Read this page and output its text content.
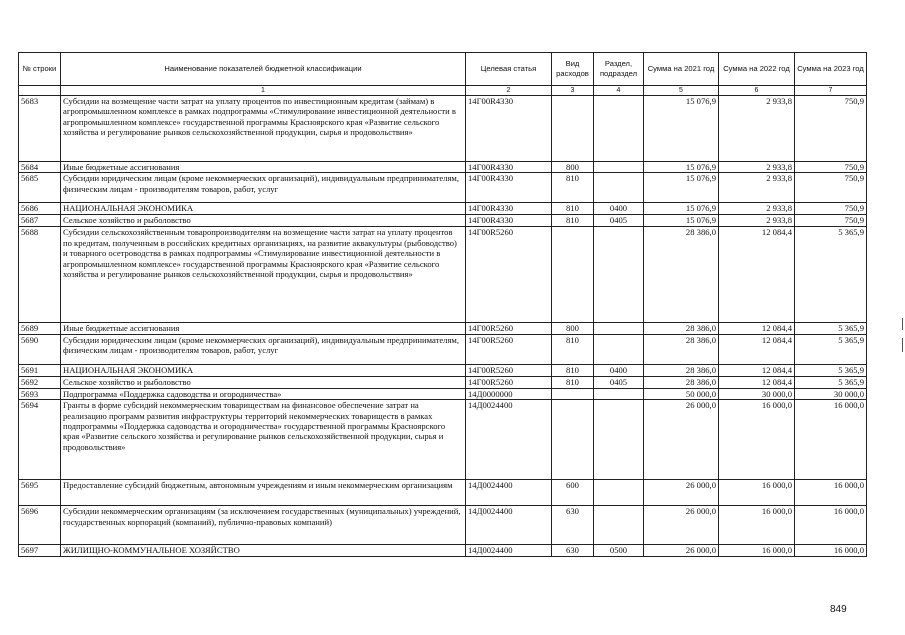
№ строки	Наименование показателей бюджетной классификации	Целевая статья	Вид расходов	Раздел, подраздел	Сумма на 2021 год	Сумма на 2022 год	Сумма на 2023 год
	1	2	3	4	5	6	7
5683	Субсидии на возмещение части затрат на уплату процентов по инвестиционным кредитам (займам) в агропромышленном комплексе в рамках подпрограммы «Стимулирование инвестиционной деятельности в агропромышленном комплексе» государственной программы Красноярского края «Развитие сельского хозяйства и регулирование рынков сельскохозяйственной продукции, сырья и продовольствия»	14Г00R4330			15 076,9	2 933,8	750,9
5684	Иные бюджетные ассигнования	14Г00R4330	800		15 076,9	2 933,8	750,9
5685	Субсидии юридическим лицам (кроме некоммерческих организаций), индивидуальным предпринимателям, физическим лицам - производителям товаров, работ, услуг	14Г00R4330	810		15 076,9	2 933,8	750,9
5686	НАЦИОНАЛЬНАЯ ЭКОНОМИКА	14Г00R4330	810	0400	15 076,9	2 933,8	750,9
5687	Сельское хозяйство и рыболовство	14Г00R4330	810	0405	15 076,9	2 933,8	750,9
5688	Субсидии сельскохозяйственным товаропроизводителям на возмещение части затрат на уплату процентов по кредитам, полученным в российских кредитных организациях, на развитие аквакультуры (рыбоводство) и товарного осетроводства в рамках подпрограммы «Стимулирование инвестиционной деятельности в агропромышленном комплексе» государственной программы Красноярского края «Развитие сельского хозяйства и регулирование рынков сельскохозяйственной продукции, сырья и продовольствия»	14Г00R5260			28 386,0	12 084,4	5 365,9
5689	Иные бюджетные ассигнования	14Г00R5260	800		28 386,0	12 084,4	5 365,9
5690	Субсидии юридическим лицам (кроме некоммерческих организаций), индивидуальным предпринимателям, физическим лицам - производителям товаров, работ, услуг	14Г00R5260	810		28 386,0	12 084,4	5 365,9
5691	НАЦИОНАЛЬНАЯ ЭКОНОМИКА	14Г00R5260	810	0400	28 386,0	12 084,4	5 365,9
5692	Сельское хозяйство и рыболовство	14Г00R5260	810	0405	28 386,0	12 084,4	5 365,9
5693	Подпрограмма «Поддержка садоводства и огородничества»	14Д0000000			50 000,0	30 000,0	30 000,0
5694	Гранты в форме субсидий некоммерческим товариществам на финансовое обеспечение затрат на реализацию программ развития инфраструктуры территорий некоммерческих товариществ в рамках подпрограммы «Поддержка садоводства и огородничества» государственной программы Красноярского края «Развитие сельского хозяйства и регулирование рынков сельскохозяйственной продукции, сырья и продовольствия»	14Д0024400			26 000,0	16 000,0	16 000,0
5695	Предоставление субсидий бюджетным, автономным учреждениям и иным некоммерческим организациям	14Д0024400	600		26 000,0	16 000,0	16 000,0
5696	Субсидии некоммерческим организациям (за исключением государственных (муниципальных) учреждений, государственных корпораций (компаний), публично-правовых компаний)	14Д0024400	630		26 000,0	16 000,0	16 000,0
5697	ЖИЛИЩНО-КОММУНАЛЬНОЕ ХОЗЯЙСТВО	14Д0024400	630	0500	26 000,0	16 000,0	16 000,0
849
